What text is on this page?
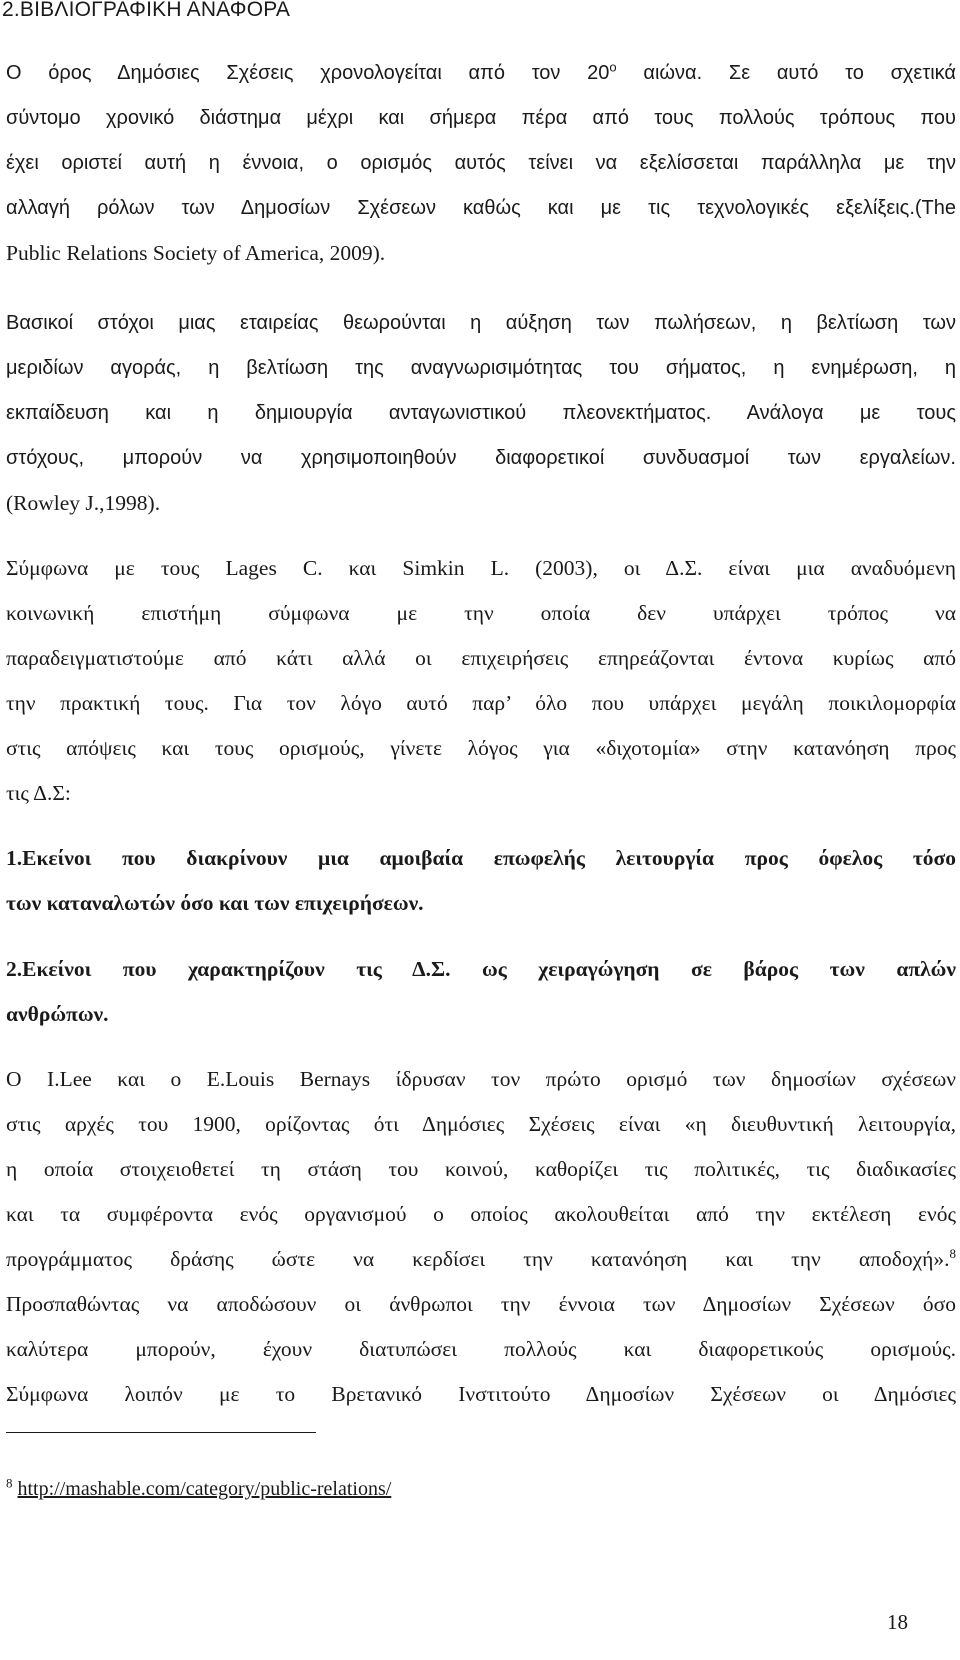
2.ΒΙΒΛΙΟΓΡΑΦΙΚΗ ΑΝΑΦΟΡΑ

Ο όρος Δημόσιες Σχέσεις χρονολογείται από τον $20^o$ αιώνα. Σε αυτό το σχετικά
σύντομο χρονικό διάστημα μέχρι και σήμερα πέρα από τους πολλούς τρόπους που
έχει οριστεί αυτή η έννοια, ο ορισμός αυτός τείνει να εξελίσσεται παράλληλα με την
αλλαγή ρόλων των Δημοσίων Σχέσεων καθώς και με τις τεχνολογικές εξελίξεις.(The
Public Relations Society of America, 2009).

Βασικοί στόχοι μιας εταιρείας θεωρούνται η αύξηση των πωλήσεων, η βελτίωση των
μεριδίων αγοράς, η βελτίωση της αναγνωρισιμότητας του σήματος, η ενημέρωση, η
εκπαίδευση και η δημιουργία ανταγωνιστικού πλεονεκτήματος. Ανάλογα με τους
στόχους, μπορούν να χρησιμοποιηθούν διαφορετικοί συνδυασμοί των εργαλείων.
(Rowley J.,1998).

Σύμφωνα με τους Lages C. και Simkin L. (2003), οι Δ.Σ. είναι μια αναδυόμενη
κοινωνική επιστήμη σύμφωνα με την οποία δεν υπάρχει τρόπος να
παραδειγματιστούμε από κάτι αλλά οι επιχειρήσεις επηρεάζονται έντονα κυρίως από
την πρακτική τους. Για τον λόγο αυτό παρ’ όλο που υπάρχει μεγάλη ποικιλομορφία
στις απόψεις και τους ορισμούς, γίνετε λόγος για «διχοτομία» στην κατανόηση προς
τις Δ.Σ:

1.Εκείνοι που διακρίνουν μια αμοιβαία επωφελής λειτουργία προς όφελος τόσο
των καταναλωτών όσο και των επιχειρήσεων.

2.Εκείνοι που χαρακτηρίζουν τις Δ.Σ. ως χειραγώγηση σε βάρος των απλών
ανθρώπων.

Ο I.Lee και ο E.Louis Bernays ίδρυσαν τον πρώτο ορισμό των δημοσίων σχέσεων
στις αρχές του 1900, ορίζοντας ότι Δημόσιες Σχέσεις είναι «η διευθυντική λειτουργία,
η οποία στοιχειοθετεί τη στάση του κοινού, καθορίζει τις πολιτικές, τις διαδικασίες
και τα συμφέροντα ενός οργανισμού ο οποίος ακολουθείται από την εκτέλεση ενός
προγράμματος δράσης ώστε να κερδίσει την κατανόηση και την αποδοχή».$^8$
Προσπαθώντας να αποδώσουν οι άνθρωποι την έννοια των Δημοσίων Σχέσεων όσο
καλύτερα μπορούν, έχουν διατυπώσει πολλούς και διαφορετικούς ορισμούς.
Σύμφωνα λοιπόν με το Βρετανικό Ινστιτούτο Δημοσίων Σχέσεων οι Δημόσιες

$^8$ http://mashable.com/category/public-relations/
18
